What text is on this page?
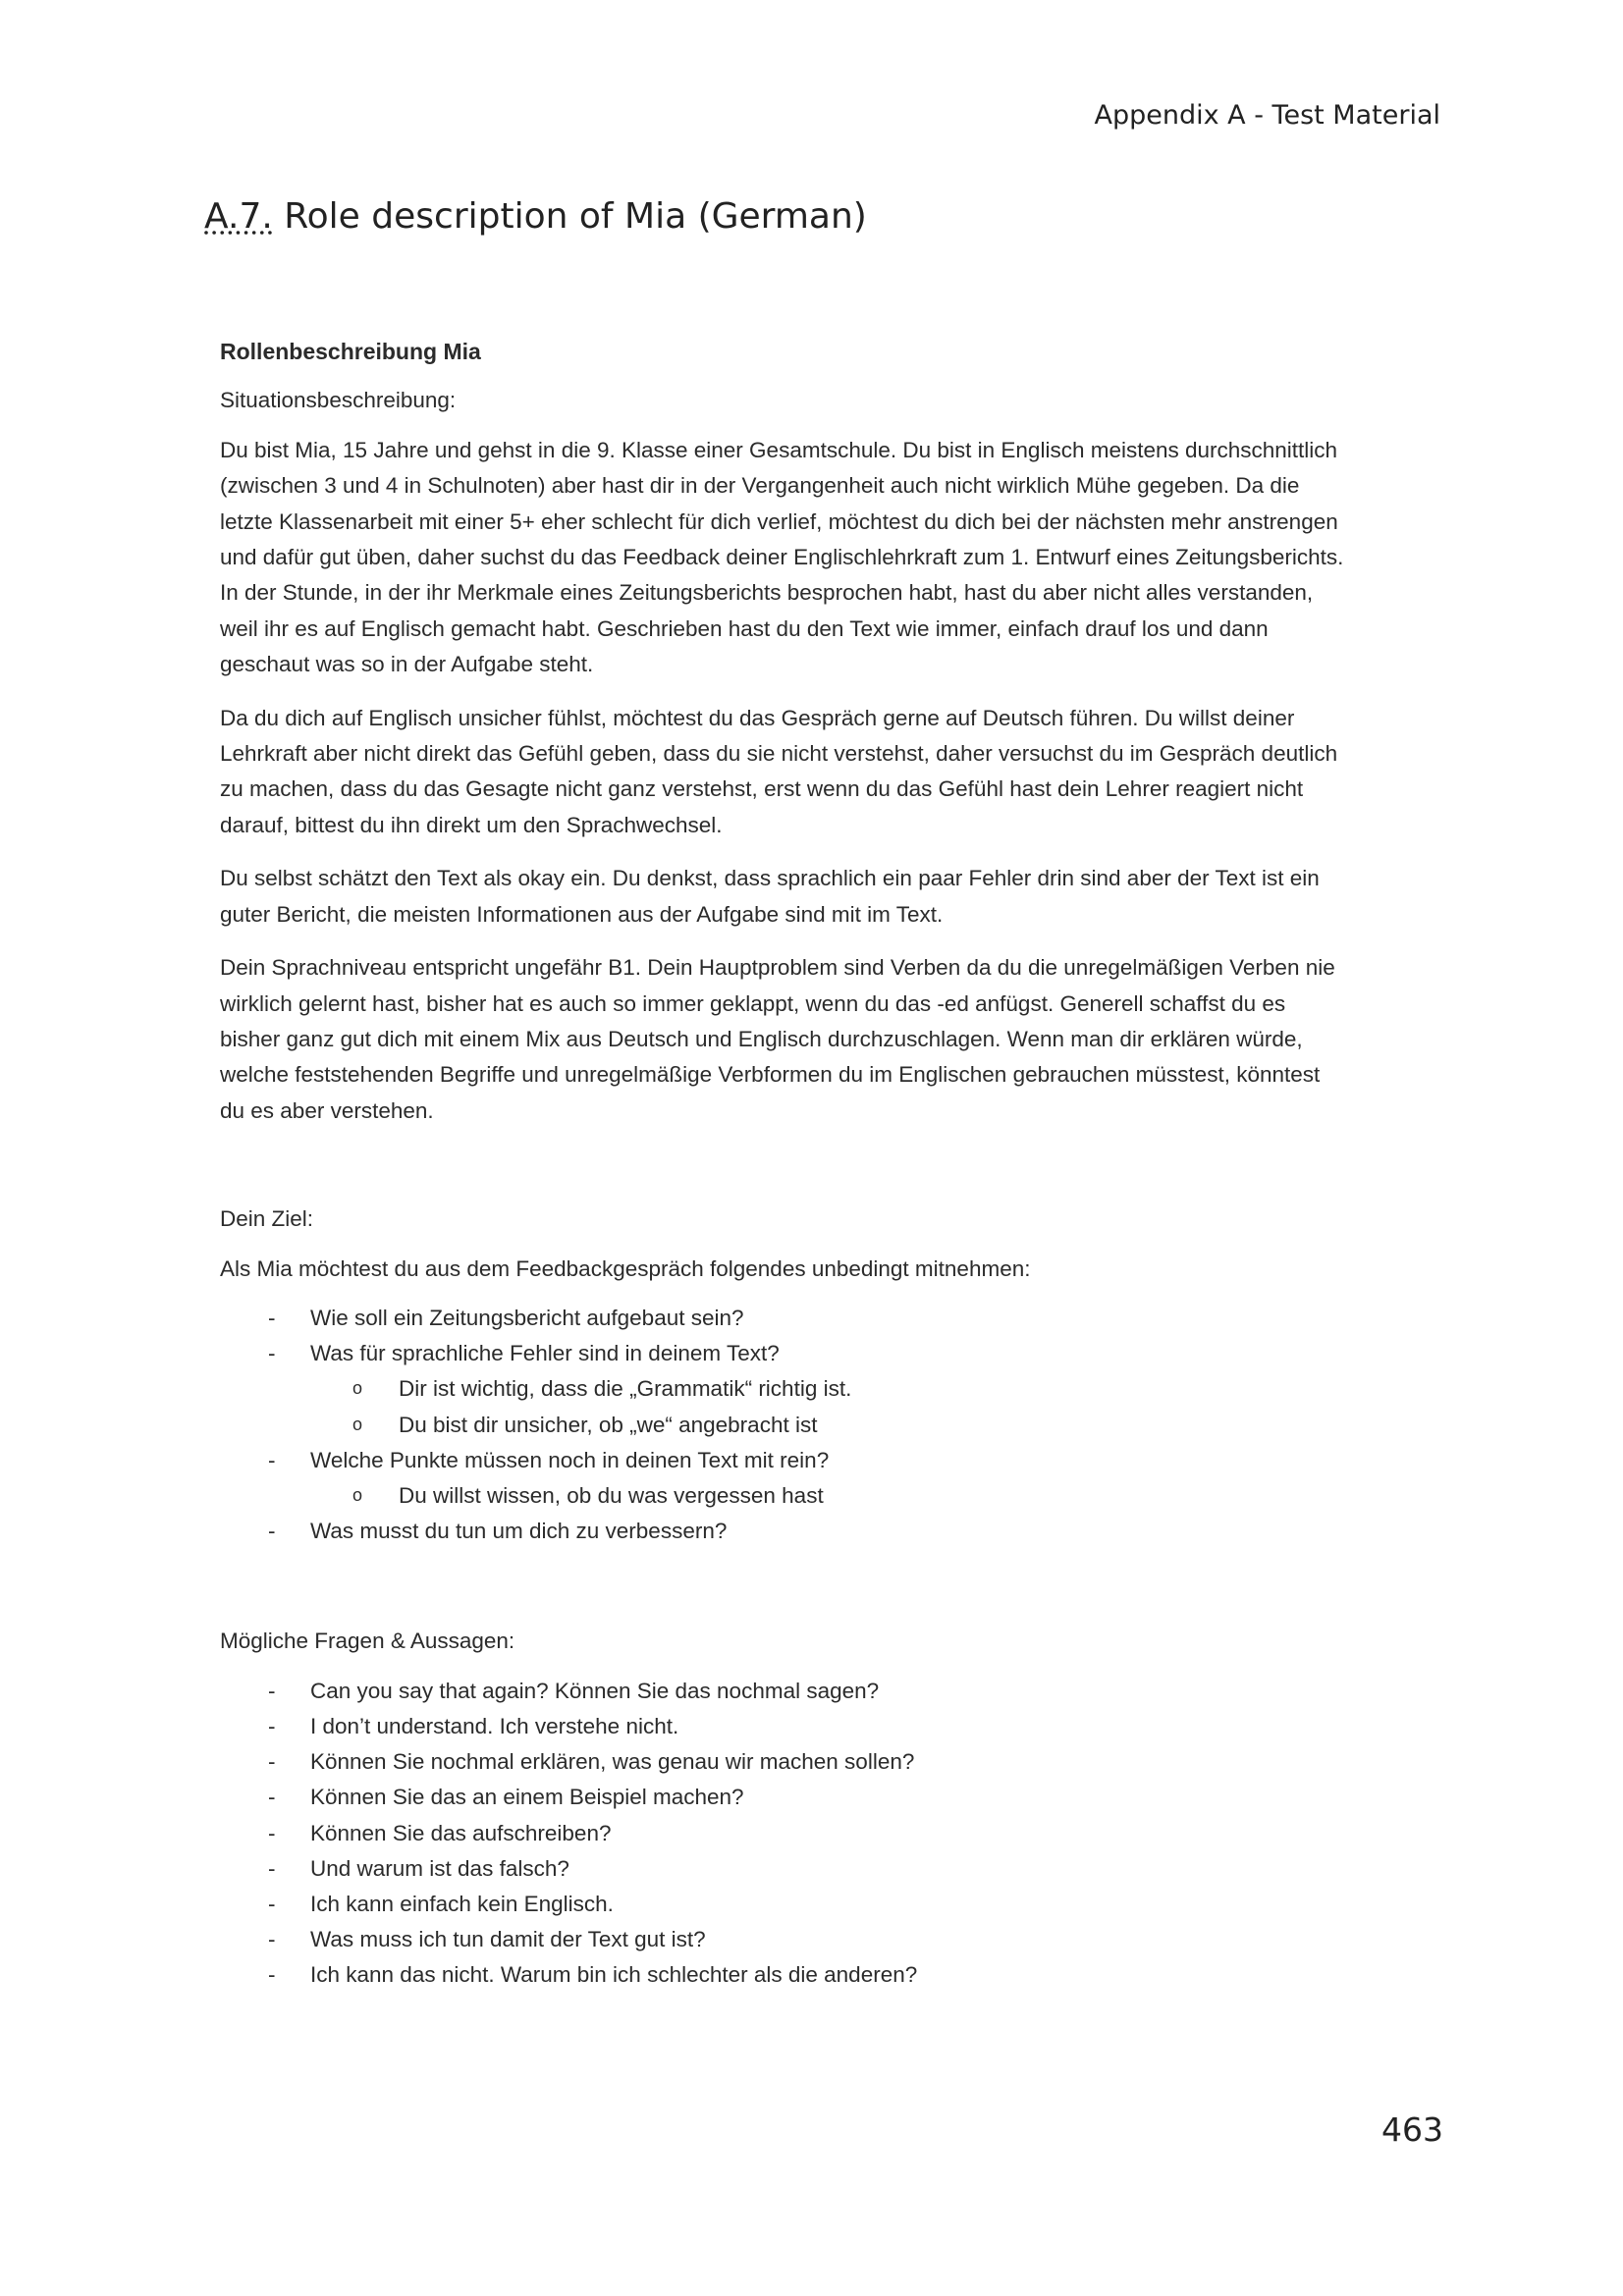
Appendix A - Test Material
A.7. Role description of Mia (German)

Rollenbeschreibung Mia

Situationsbeschreibung:

Du bist Mia, 15 Jahre und gehst in die 9. Klasse einer Gesamtschule. Du bist in Englisch meistens durchschnittlich (zwischen 3 und 4 in Schulnoten) aber hast dir in der Vergangenheit auch nicht wirklich Mühe gegeben. Da die letzte Klassenarbeit mit einer 5+ eher schlecht für dich verlief, möchtest du dich bei der nächsten mehr anstrengen und dafür gut üben, daher suchst du das Feedback deiner Englischlehrkraft zum 1. Entwurf eines Zeitungsberichts. In der Stunde, in der ihr Merkmale eines Zeitungsberichts besprochen habt, hast du aber nicht alles verstanden, weil ihr es auf Englisch gemacht habt. Geschrieben hast du den Text wie immer, einfach drauf los und dann geschaut was so in der Aufgabe steht.

Da du dich auf Englisch unsicher fühlst, möchtest du das Gespräch gerne auf Deutsch führen. Du willst deiner Lehrkraft aber nicht direkt das Gefühl geben, dass du sie nicht verstehst, daher versuchst du im Gespräch deutlich zu machen, dass du das Gesagte nicht ganz verstehst, erst wenn du das Gefühl hast dein Lehrer reagiert nicht darauf, bittest du ihn direkt um den Sprachwechsel.

Du selbst schätzt den Text als okay ein. Du denkst, dass sprachlich ein paar Fehler drin sind aber der Text ist ein guter Bericht, die meisten Informationen aus der Aufgabe sind mit im Text.

Dein Sprachniveau entspricht ungefähr B1. Dein Hauptproblem sind Verben da du die unregelmäßigen Verben nie wirklich gelernt hast, bisher hat es auch so immer geklappt, wenn du das -ed anfügst. Generell schaffst du es bisher ganz gut dich mit einem Mix aus Deutsch und Englisch durchzuschlagen. Wenn man dir erklären würde, welche feststehenden Begriffe und unregelmäßige Verbformen du im Englischen gebrauchen müsstest, könntest du es aber verstehen.

Dein Ziel:

Als Mia möchtest du aus dem Feedbackgespräch folgendes unbedingt mitnehmen:

- Wie soll ein Zeitungsbericht aufgebaut sein?
- Was für sprachliche Fehler sind in deinem Text?
o Dir ist wichtig, dass die „Grammatik“ richtig ist.
o Du bist dir unsicher, ob „we“ angebracht ist
- Welche Punkte müssen noch in deinen Text mit rein?
o Du willst wissen, ob du was vergessen hast
- Was musst du tun um dich zu verbessern?

Mögliche Fragen & Aussagen:

- Can you say that again? Können Sie das nochmal sagen?
- I don’t understand. Ich verstehe nicht.
- Können Sie nochmal erklären, was genau wir machen sollen?
- Können Sie das an einem Beispiel machen?
- Können Sie das aufschreiben?
- Und warum ist das falsch?
- Ich kann einfach kein Englisch.
- Was muss ich tun damit der Text gut ist?
- Ich kann das nicht. Warum bin ich schlechter als die anderen?
463
